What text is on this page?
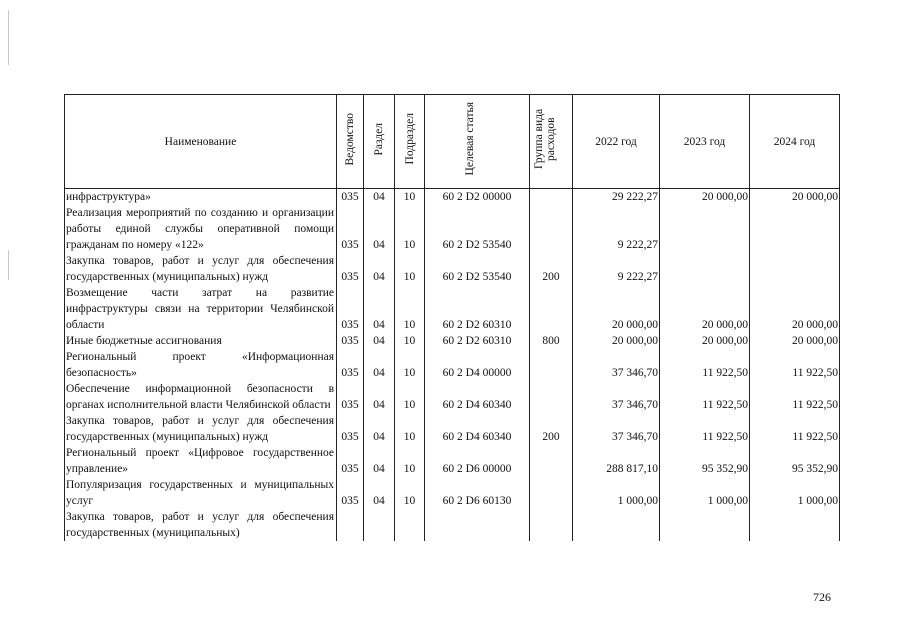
Наименование	Ведомство	Раздел	Подраздел	Целевая статья	Группа вида расходов	2022 год	2023 год	2024 год
инфраструктура»	035	04	10	60 2 D2 00000		29 222,27	20 000,00	20 000,00
Реализация мероприятий по созданию и организации работы единой службы оперативной помощи гражданам по номеру «122»	035	04	10	60 2 D2 53540		9 222,27		
Закупка товаров, работ и услуг для обеспечения государственных (муниципальных) нужд	035	04	10	60 2 D2 53540	200	9 222,27		
Возмещение части затрат на развитие инфраструктуры связи на территории Челябинской области	035	04	10	60 2 D2 60310		20 000,00	20 000,00	20 000,00
Иные бюджетные ассигнования	035	04	10	60 2 D2 60310	800	20 000,00	20 000,00	20 000,00
Региональный проект «Информационная безопасность»	035	04	10	60 2 D4 00000		37 346,70	11 922,50	11 922,50
Обеспечение информационной безопасности в органах исполнительной власти Челябинской области	035	04	10	60 2 D4 60340		37 346,70	11 922,50	11 922,50
Закупка товаров, работ и услуг для обеспечения государственных (муниципальных) нужд	035	04	10	60 2 D4 60340	200	37 346,70	11 922,50	11 922,50
Региональный проект «Цифровое государственное управление»	035	04	10	60 2 D6 00000		288 817,10	95 352,90	95 352,90
Популяризация государственных и муниципальных услуг	035	04	10	60 2 D6 60130		1 000,00	1 000,00	1 000,00
Закупка товаров, работ и услуг для обеспечения государственных (муниципальных)								
726
